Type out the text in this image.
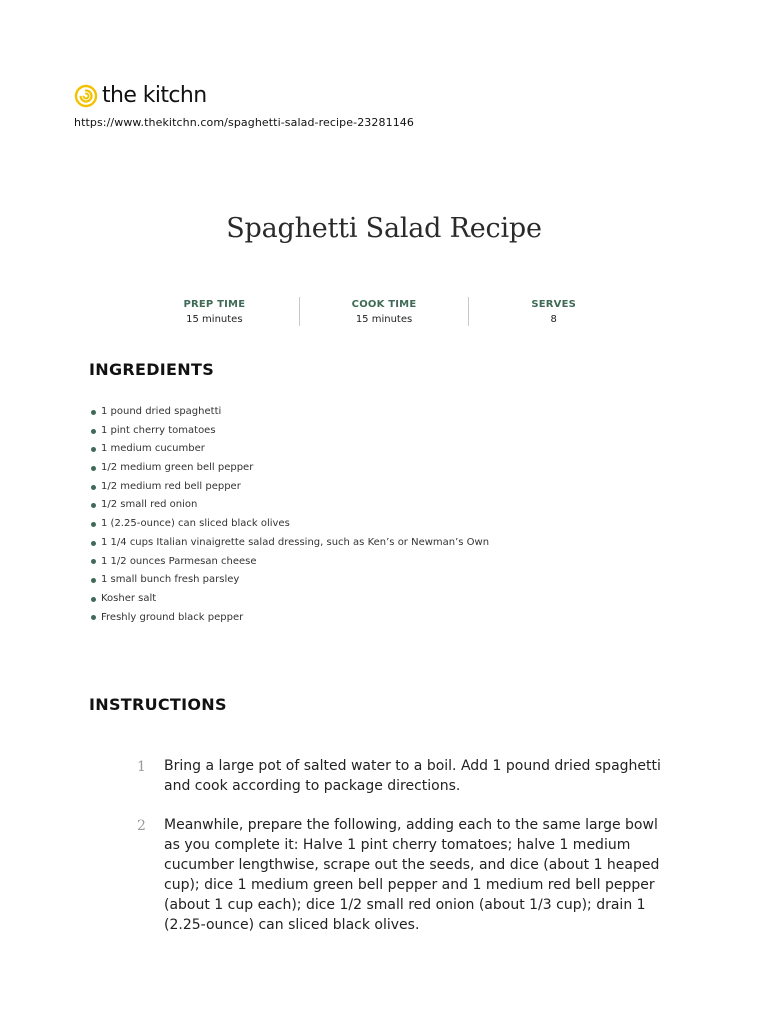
the kitchn
https://www.thekitchn.com/spaghetti-salad-recipe-23281146
Spaghetti Salad Recipe
PREP TIME
15 minutes
COOK TIME
15 minutes
SERVES
8
INGREDIENTS
1 pound dried spaghetti
1 pint cherry tomatoes
1 medium cucumber
1/2 medium green bell pepper
1/2 medium red bell pepper
1/2 small red onion
1 (2.25-ounce) can sliced black olives
1 1/4 cups Italian vinaigrette salad dressing, such as Ken’s or Newman’s Own
1 1/2 ounces Parmesan cheese
1 small bunch fresh parsley
Kosher salt
Freshly ground black pepper
INSTRUCTIONS
1	Bring a large pot of salted water to a boil. Add 1 pound dried spaghetti and cook according to package directions.
2	Meanwhile, prepare the following, adding each to the same large bowl as you complete it: Halve 1 pint cherry tomatoes; halve 1 medium cucumber lengthwise, scrape out the seeds, and dice (about 1 heaped cup); dice 1 medium green bell pepper and 1 medium red bell pepper (about 1 cup each); dice 1/2 small red onion (about 1/3 cup); drain 1 (2.25-ounce) can sliced black olives.
